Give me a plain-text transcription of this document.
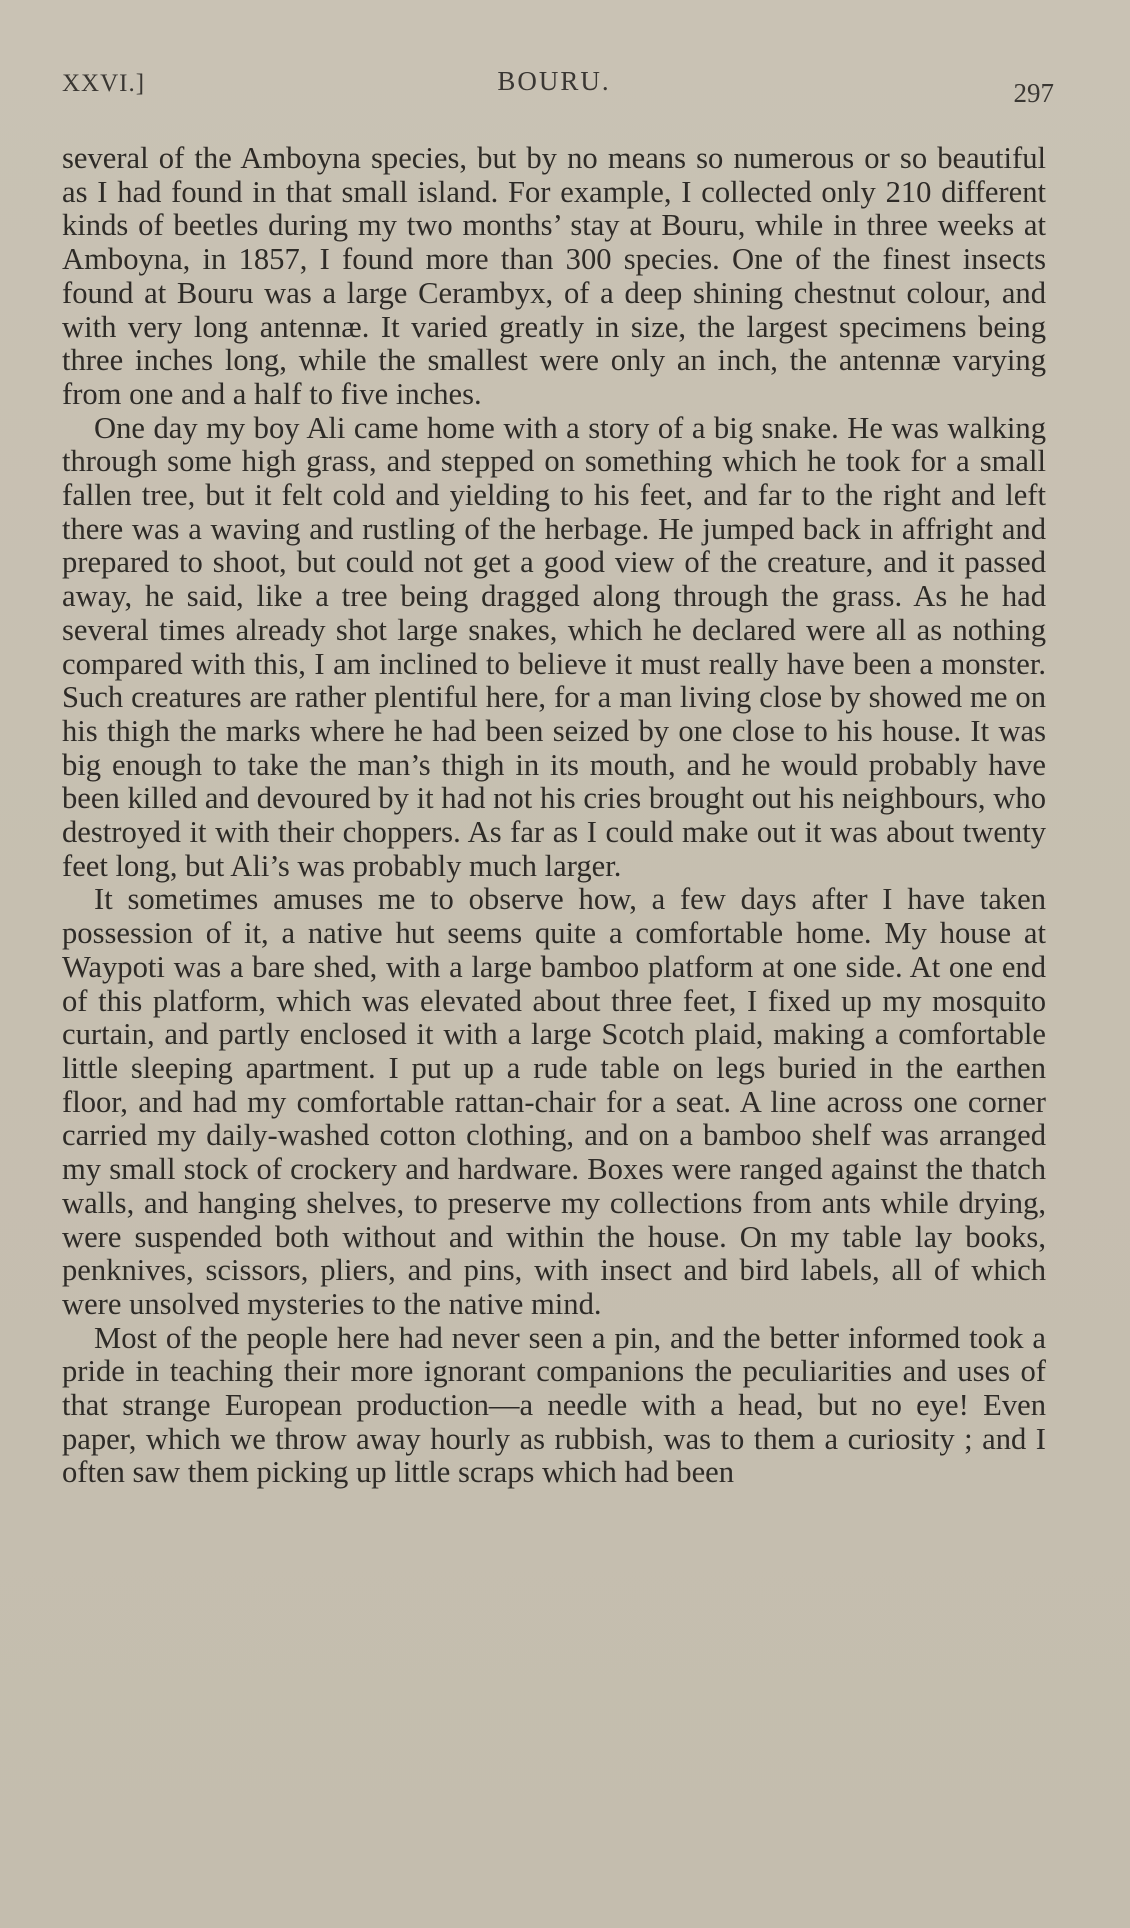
XXVI.]	BOURU.	297

several of the Amboyna species, but by no means so numerous or so beautiful as I had found in that small island. For example, I collected only 210 different kinds of beetles during my two months’ stay at Bouru, while in three weeks at Amboyna, in 1857, I found more than 300 species. One of the finest insects found at Bouru was a large Cerambyx, of a deep shining chestnut colour, and with very long antennæ. It varied greatly in size, the largest specimens being three inches long, while the smallest were only an inch, the antennæ varying from one and a half to five inches.

One day my boy Ali came home with a story of a big snake. He was walking through some high grass, and stepped on something which he took for a small fallen tree, but it felt cold and yielding to his feet, and far to the right and left there was a waving and rustling of the herbage. He jumped back in affright and prepared to shoot, but could not get a good view of the creature, and it passed away, he said, like a tree being dragged along through the grass. As he had several times already shot large snakes, which he declared were all as nothing compared with this, I am inclined to believe it must really have been a monster. Such creatures are rather plentiful here, for a man living close by showed me on his thigh the marks where he had been seized by one close to his house. It was big enough to take the man’s thigh in its mouth, and he would probably have been killed and devoured by it had not his cries brought out his neighbours, who destroyed it with their choppers. As far as I could make out it was about twenty feet long, but Ali’s was probably much larger.

It sometimes amuses me to observe how, a few days after I have taken possession of it, a native hut seems quite a comfortable home. My house at Waypoti was a bare shed, with a large bamboo platform at one side. At one end of this platform, which was elevated about three feet, I fixed up my mosquito curtain, and partly enclosed it with a large Scotch plaid, making a comfortable little sleeping apartment. I put up a rude table on legs buried in the earthen floor, and had my comfortable rattan-chair for a seat. A line across one corner carried my daily-washed cotton clothing, and on a bamboo shelf was arranged my small stock of crockery and hardware. Boxes were ranged against the thatch walls, and hanging shelves, to preserve my collections from ants while drying, were suspended both without and within the house. On my table lay books, penknives, scissors, pliers, and pins, with insect and bird labels, all of which were unsolved mysteries to the native mind.

Most of the people here had never seen a pin, and the better informed took a pride in teaching their more ignorant companions the peculiarities and uses of that strange European production—a needle with a head, but no eye! Even paper, which we throw away hourly as rubbish, was to them a curiosity ; and I often saw them picking up little scraps which had been
